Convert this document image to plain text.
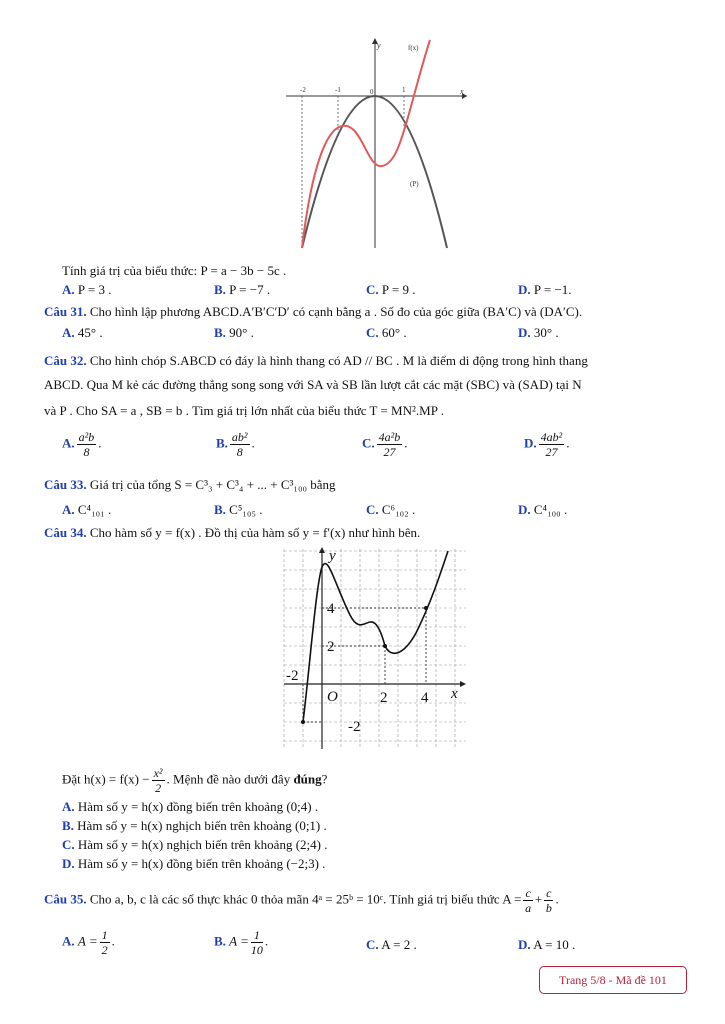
y
x
f(x)
(P)
-2	-1	0	1
Tính giá trị của biểu thức: P = a − 3b − 5c .
A. P = 3 .	B. P = −7 .	C. P = 9 .	D. P = −1.
Câu 31. Cho hình lập phương ABCD.A′B′C′D′ có cạnh bằng a . Số đo của góc giữa (BA′C) và (DA′C).
A. 45° .	B. 90° .	C. 60° .	D. 30° .
Câu 32. Cho hình chóp S.ABCD có đáy là hình thang có AD // BC . M là điểm di động trong hình thang
ABCD. Qua M kẻ các đường thẳng song song với SA và SB lần lượt cắt các mặt (SBC) và (SAD) tại N
và P . Cho SA = a , SB = b . Tìm giá trị lớn nhất của biểu thức T = MN².MP .
A. $\frac{\text{a²b}}{8}$ .	B. $\frac{\text{ab²}}{8}$ .	C. $\frac{\text{4a²b}}{27}$ .	D. $\frac{\text{4ab²}}{27}$ .
Câu 33. Giá trị của tổng S = C³₃ + C³₄ + ... + C³₁₀₀ bằng
A. C⁴₁₀₁ .	B. C⁵₁₀₅ .	C. C⁶₁₀₂ .	D. C⁴₁₀₀ .
Câu 34. Cho hàm số y = f(x) . Đồ thị của hàm số y = f′(x) như hình bên.
y
x
O
4
2
-2
2 4
-2
Đặt $h(x) = f(x) - \frac{\text{x²}}{2}$ . Mệnh đề nào dưới đây đúng?
A. Hàm số y = h(x) đồng biến trên khoảng (0;4) .
B. Hàm số y = h(x) nghịch biến trên khoảng (0;1) .
C. Hàm số y = h(x) nghịch biến trên khoảng (2;4) .
D. Hàm số y = h(x) đồng biến trên khoảng (−2;3) .
Câu 35. Cho a, b, c là các số thực khác 0 thỏa mãn 4ᵃ = 25ᵇ = 10ᶜ. Tính giá trị biểu thức $A = \frac{c}{a} + \frac{c}{b}$ .
A. $A = \frac{1}{2}$ .	B. $A = \frac{1}{10}$ .	C. A = 2 .	D. A = 10 .
Trang 5/8 - Mã đề 101
